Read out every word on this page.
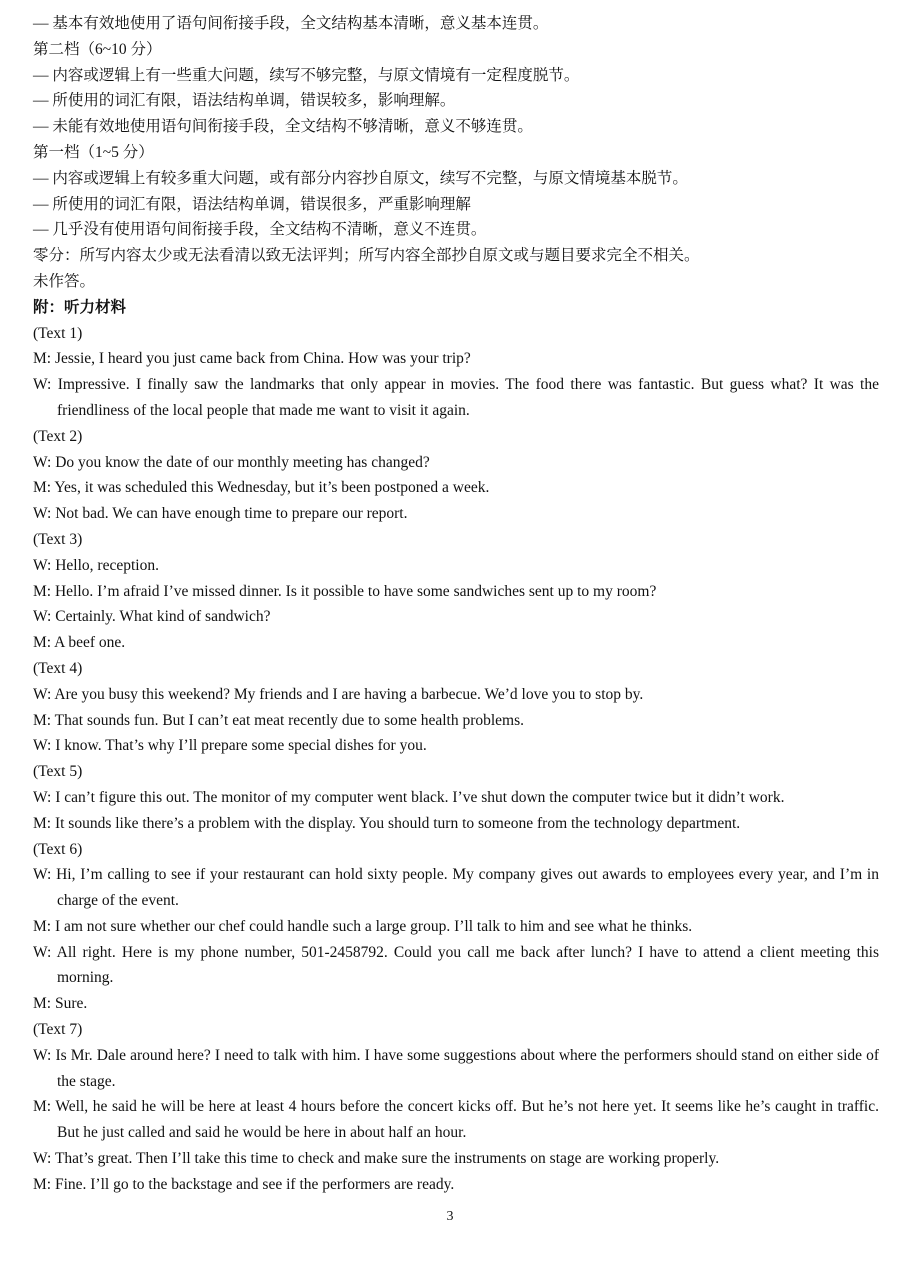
— 基本有效地使用了语句间衔接手段，全文结构基本清晰，意义基本连贯。
第二档（6~10 分）
— 内容或逻辑上有一些重大问题，续写不够完整，与原文情境有一定程度脱节。
— 所使用的词汇有限，语法结构单调，错误较多，影响理解。
— 未能有效地使用语句间衔接手段，全文结构不够清晰，意义不够连贯。
第一档（1~5 分）
— 内容或逻辑上有较多重大问题，或有部分内容抄自原文，续写不完整，与原文情境基本脱节。
— 所使用的词汇有限，语法结构单调，错误很多，严重影响理解
— 几乎没有使用语句间衔接手段，全文结构不清晰，意义不连贯。
零分：所写内容太少或无法看清以致无法评判；所写内容全部抄自原文或与题目要求完全不相关。
未作答。
附：听力材料
(Text 1)
M: Jessie, I heard you just came back from China. How was your trip?
W: Impressive. I finally saw the landmarks that only appear in movies. The food there was fantastic. But guess what? It was the friendliness of the local people that made me want to visit it again.
(Text 2)
W: Do you know the date of our monthly meeting has changed?
M: Yes, it was scheduled this Wednesday, but it’s been postponed a week.
W: Not bad. We can have enough time to prepare our report.
(Text 3)
W: Hello, reception.
M: Hello. I’m afraid I’ve missed dinner. Is it possible to have some sandwiches sent up to my room?
W: Certainly. What kind of sandwich?
M: A beef one.
(Text 4)
W: Are you busy this weekend? My friends and I are having a barbecue. We’d love you to stop by.
M: That sounds fun. But I can’t eat meat recently due to some health problems.
W: I know. That’s why I’ll prepare some special dishes for you.
(Text 5)
W: I can’t figure this out. The monitor of my computer went black. I’ve shut down the computer twice but it didn’t work.
M: It sounds like there’s a problem with the display. You should turn to someone from the technology department.
(Text 6)
W: Hi, I’m calling to see if your restaurant can hold sixty people. My company gives out awards to employees every year, and I’m in charge of the event.
M: I am not sure whether our chef could handle such a large group. I’ll talk to him and see what he thinks.
W: All right. Here is my phone number, 501-2458792. Could you call me back after lunch? I have to attend a client meeting this morning.
M: Sure.
(Text 7)
W: Is Mr. Dale around here? I need to talk with him. I have some suggestions about where the performers should stand on either side of the stage.
M: Well, he said he will be here at least 4 hours before the concert kicks off. But he’s not here yet. It seems like he’s caught in traffic. But he just called and said he would be here in about half an hour.
W: That’s great. Then I’ll take this time to check and make sure the instruments on stage are working properly.
M: Fine. I’ll go to the backstage and see if the performers are ready.
3
